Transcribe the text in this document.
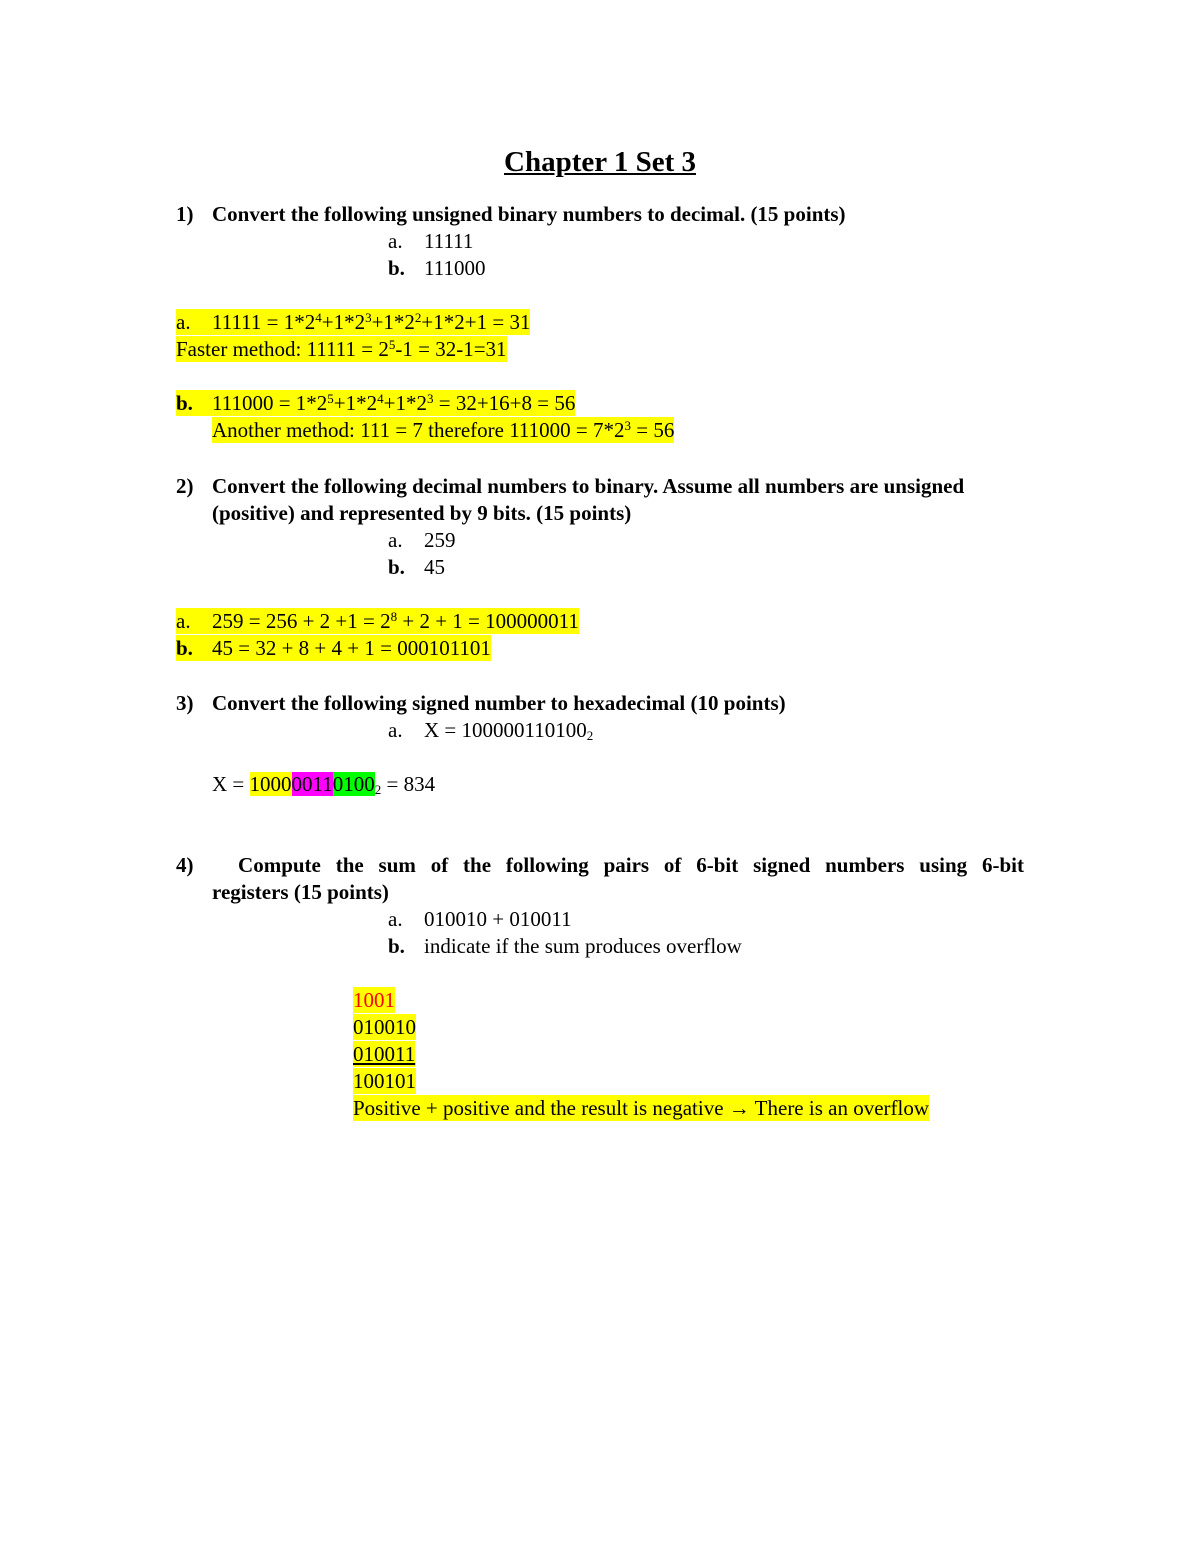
Chapter 1 Set 3
1) Convert the following unsigned binary numbers to decimal. (15 points)
a. 11111
b. 111000
a. $11111 = 1*2^4+1*2^3+1*2^2+1*2+1 = 31$
Faster method: $11111 = 2^5-1 = 32-1=31$
b. $111000 = 1*2^5+1*2^4+1*2^3 = 32+16+8 = 56$
Another method: 111 = 7 therefore $111000 = 7*2^3 = 56$
2) Convert the following decimal numbers to binary. Assume all numbers are unsigned
(positive) and represented by 9 bits. (15 points)
a. 259
b. 45
a. $259 = 256 + 2 +1 = 2^8 + 2 + 1 = 100000011$
b. 45 = 32 + 8 + 4 + 1 = 000101101
3) Convert the following signed number to hexadecimal (10 points)
a. $X = 100000110100_2$
$X = 100000110100_2 = 834$
4) Compute the sum of the following pairs of 6-bit signed numbers using 6-bit
registers (15 points)
a. 010010 + 010011
b. indicate if the sum produces overflow
1001
010010
010011
100101
Positive + positive and the result is negative → There is an overflow
